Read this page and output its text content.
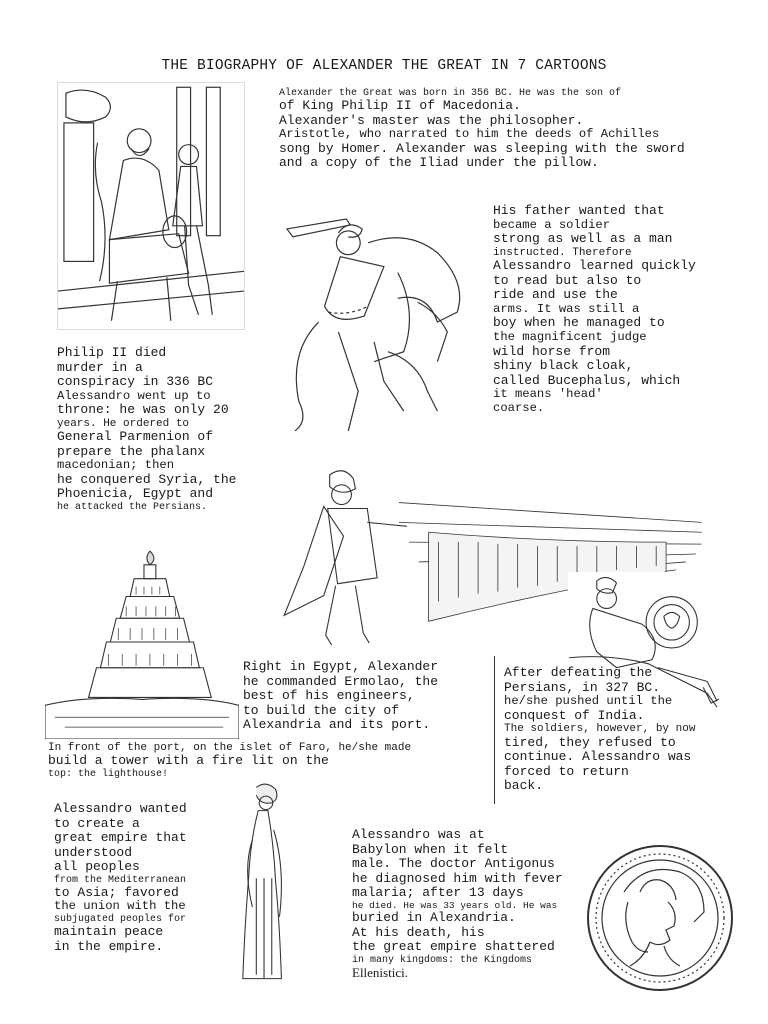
THE BIOGRAPHY OF ALEXANDER THE GREAT IN 7 CARTOONS
Alexander the Great was born in 356 BC. He was the son of
of King Philip II of Macedonia.
Alexander's master was the philosopher.
Aristotle, who narrated to him the deeds of Achilles
song by Homer. Alexander was sleeping with the sword
and a copy of the Iliad under the pillow.
His father wanted that
became a soldier
strong as well as a man
instructed. Therefore
Alessandro learned quickly
to read but also to
ride and use the
arms. It was still a
boy when he managed to
the magnificent judge
wild horse from
shiny black cloak,
called Bucephalus, which
it means 'head'
coarse.
Philip II died
murder in a
conspiracy in 336 BC
Alessandro went up to
throne: he was only 20
years. He ordered to
General Parmenion of
prepare the phalanx
macedonian; then
he conquered Syria, the
Phoenicia, Egypt and
he attacked the Persians.
Right in Egypt, Alexander
he commanded Ermolao, the
best of his engineers,
to build the city of
Alexandria and its port.
In front of the port, on the islet of Faro, he/she made
build a tower with a fire lit on the
top: the lighthouse!
After defeating the
Persians, in 327 BC.
he/she pushed until the
conquest of India.
The soldiers, however, by now
tired, they refused to
continue. Alessandro was
forced to return
back.
Alessandro wanted
to create a
great empire that
understood
all peoples
from the Mediterranean
to Asia; favored
the union with the
subjugated peoples for
maintain peace
in the empire.
Alessandro was at
Babylon when it felt
male. The doctor Antigonus
he diagnosed him with fever
malaria; after 13 days
he died. He was 33 years old. He was
buried in Alexandria.
At his death, his
the great empire shattered
in many kingdoms: the Kingdoms
Ellenistici.
